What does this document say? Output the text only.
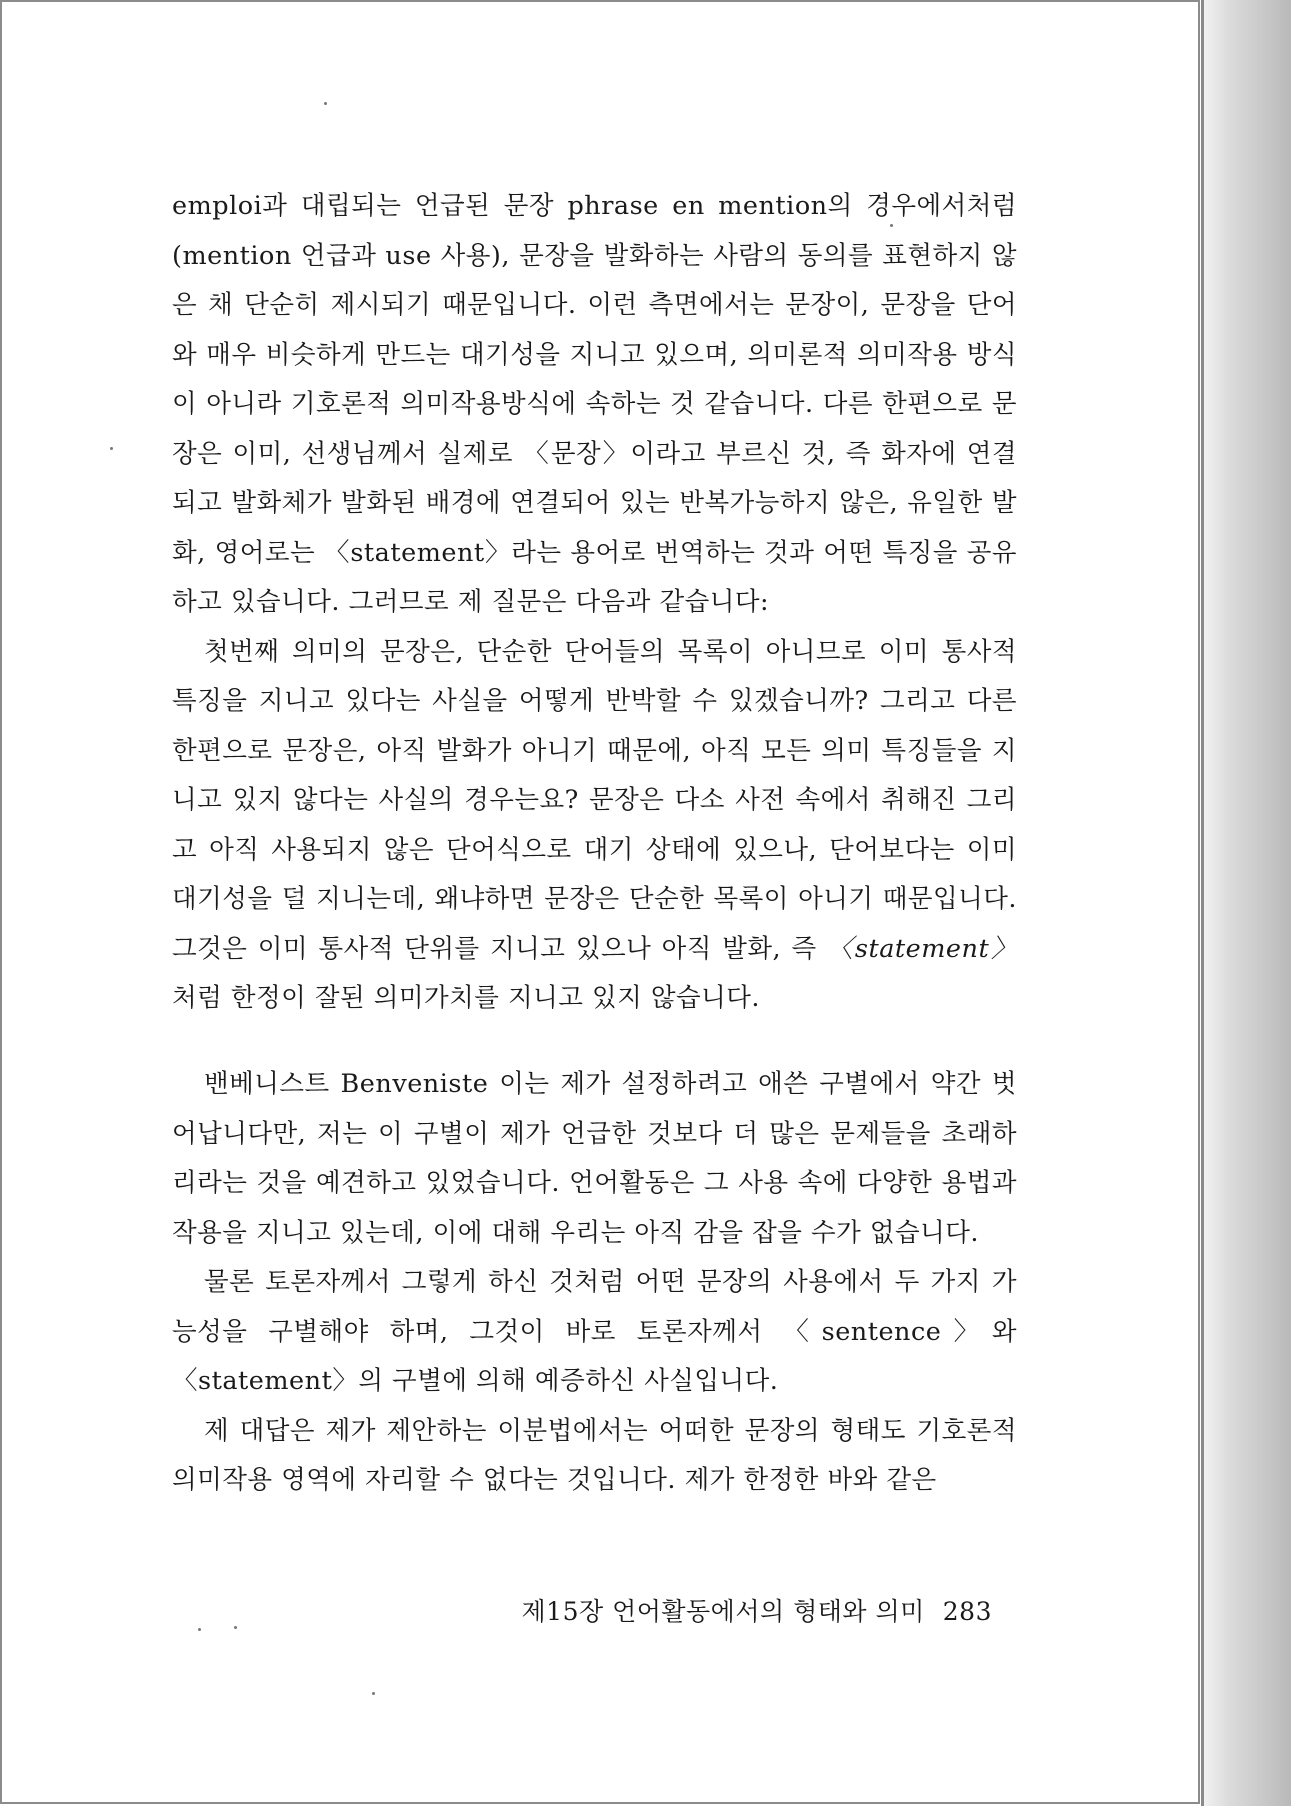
emploi과 대립되는 언급된 문장 phrase en mention의 경우에서처럼 (mention 언급과 use 사용), 문장을 발화하는 사람의 동의를 표현하지 않은 채 단순히 제시되기 때문입니다. 이런 측면에서는 문장이, 문장을 단어와 매우 비슷하게 만드는 대기성을 지니고 있으며, 의미론적 의미작용 방식이 아니라 기호론적 의미작용방식에 속하는 것 같습니다. 다른 한편으로 문장은 이미, 선생님께서 실제로 〈문장〉이라고 부르신 것, 즉 화자에 연결되고 발화체가 발화된 배경에 연결되어 있는 반복가능하지 않은, 유일한 발화, 영어로는 〈statement〉라는 용어로 번역하는 것과 어떤 특징을 공유하고 있습니다. 그러므로 제 질문은 다음과 같습니다:

첫번째 의미의 문장은, 단순한 단어들의 목록이 아니므로 이미 통사적 특징을 지니고 있다는 사실을 어떻게 반박할 수 있겠습니까? 그리고 다른 한편으로 문장은, 아직 발화가 아니기 때문에, 아직 모든 의미 특징들을 지니고 있지 않다는 사실의 경우는요? 문장은 다소 사전 속에서 취해진 그리고 아직 사용되지 않은 단어식으로 대기 상태에 있으나, 단어보다는 이미 대기성을 덜 지니는데, 왜냐하면 문장은 단순한 목록이 아니기 때문입니다. 그것은 이미 통사적 단위를 지니고 있으나 아직 발화, 즉 〈statement〉처럼 한정이 잘된 의미가치를 지니고 있지 않습니다.

밴베니스트 Benveniste 이는 제가 설정하려고 애쓴 구별에서 약간 벗어납니다만, 저는 이 구별이 제가 언급한 것보다 더 많은 문제들을 초래하리라는 것을 예견하고 있었습니다. 언어활동은 그 사용 속에 다양한 용법과 작용을 지니고 있는데, 이에 대해 우리는 아직 감을 잡을 수가 없습니다.

물론 토론자께서 그렇게 하신 것처럼 어떤 문장의 사용에서 두 가지 가능성을 구별해야 하며, 그것이 바로 토론자께서 〈sentence〉와 〈statement〉의 구별에 의해 예증하신 사실입니다.

제 대답은 제가 제안하는 이분법에서는 어떠한 문장의 형태도 기호론적 의미작용 영역에 자리할 수 없다는 것입니다. 제가 한정한 바와 같은

제15장 언어활동에서의 형태와 의미 283
